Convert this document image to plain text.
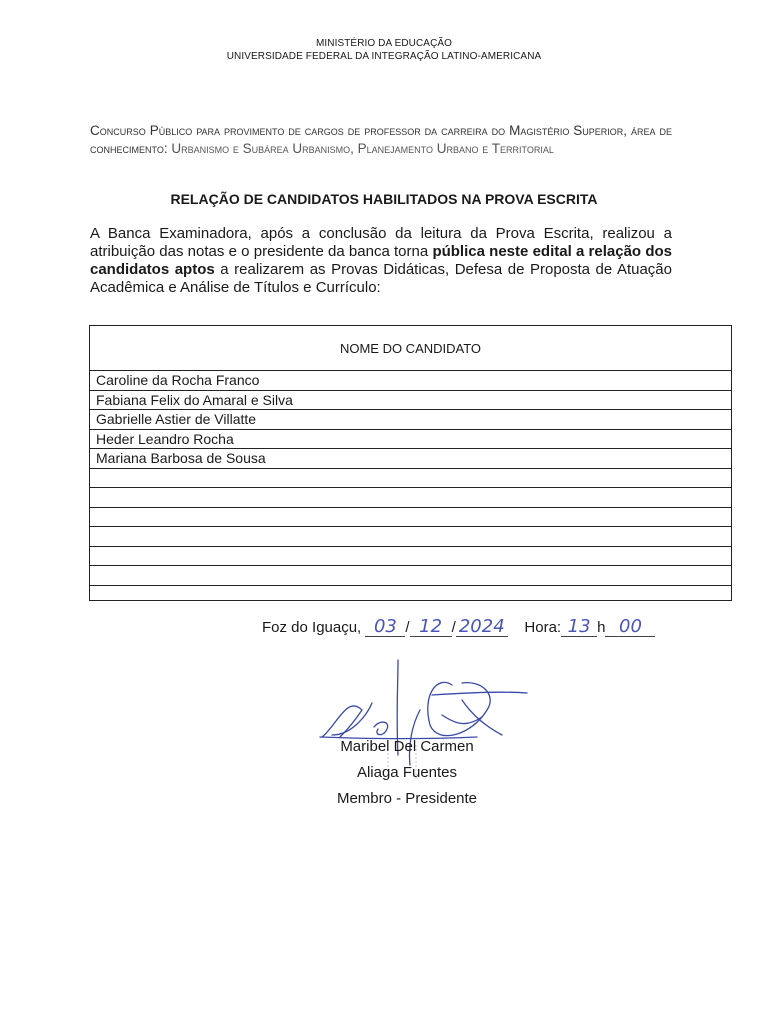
MINISTÉRIO DA EDUCAÇÃO
UNIVERSIDADE FEDERAL DA INTEGRAÇÃO LATINO-AMERICANA
Concurso Público para provimento de cargos de professor da carreira do Magistério Superior, área de conhecimento: Urbanismo e Subárea Urbanismo, Planejamento Urbano e Territorial
RELAÇÃO DE CANDIDATOS HABILITADOS NA PROVA ESCRITA
A Banca Examinadora, após a conclusão da leitura da Prova Escrita, realizou a atribuição das notas e o presidente da banca torna pública neste edital a relação dos candidatos aptos a realizarem as Provas Didáticas, Defesa de Proposta de Atuação Acadêmica e Análise de Títulos e Currículo:
NOME DO CANDIDATO
Caroline da Rocha Franco
Fabiana Felix do Amaral e Silva
Gabrielle Astier de Villatte
Heder Leandro Rocha
Mariana Barbosa de Sousa
Foz do Iguaçu, 03 / 12 / 2024 Hora: 13 h 00
Maribel Del Carmen
Aliaga Fuentes
Membro - Presidente
